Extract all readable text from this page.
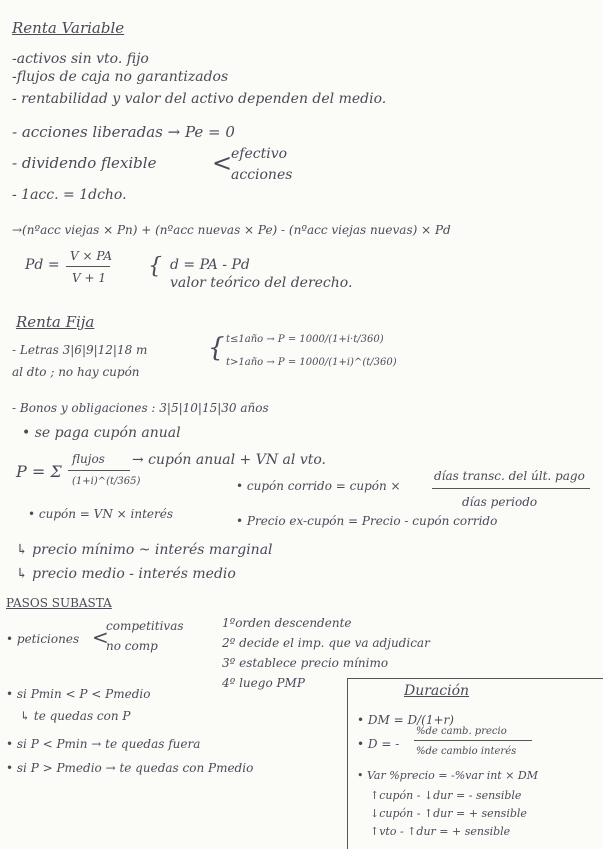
Renta Variable
-activos sin vto. fijo
-flujos de caja no garantizados
- rentabilidad y valor del activo dependen del medio.
- acciones liberadas → Pe = 0
- dividendo flexible <
efectivo
acciones
- 1acc. = 1dcho.
→(nºacc viejas × Pn) + (nºacc nuevas × Pe) - (nºacc viejas nuevas) × Pd
Pd =
V × PA
V + 1 { d = PA - Pd
valor teórico del derecho.
Renta Fija
- Letras 3|6|9|12|18 m { t≤1año → P = 1000/(1+i·t/360)
t>1año → P = 1000/(1+i)^(t/360)
al dto ; no hay cupón
- Bonos y obligaciones : 3|5|10|15|30 años
• se paga cupón anual
P = Σ
flujos
(1+i)^(t/365)
→ cupón anual + VN al vto.
• cupón corrido = cupón ×
días transc. del últ. pago
días periodo
• cupón = VN × interés	• Precio ex-cupón = Precio - cupón corrido
↳ precio mínimo ~ interés marginal
↳ precio medio - interés medio
PASOS SUBASTA
• peticiones <
competitivas
no comp
1ºorden descendente
2º decide el imp. que va adjudicar
3º establece precio mínimo
4º luego PMP
• si Pmin < P < Pmedio
↳ te quedas con P
• si P < Pmin → te quedas fuera
• si P > Pmedio → te quedas con Pmedio
Duración
• DM = D/(1+r)
• D = -
%de camb. precio
%de cambio interés
• Var %precio = -%var int × DM
↑cupón - ↓dur = - sensible
↓cupón - ↑dur = + sensible
↑vto - ↑dur = + sensible
